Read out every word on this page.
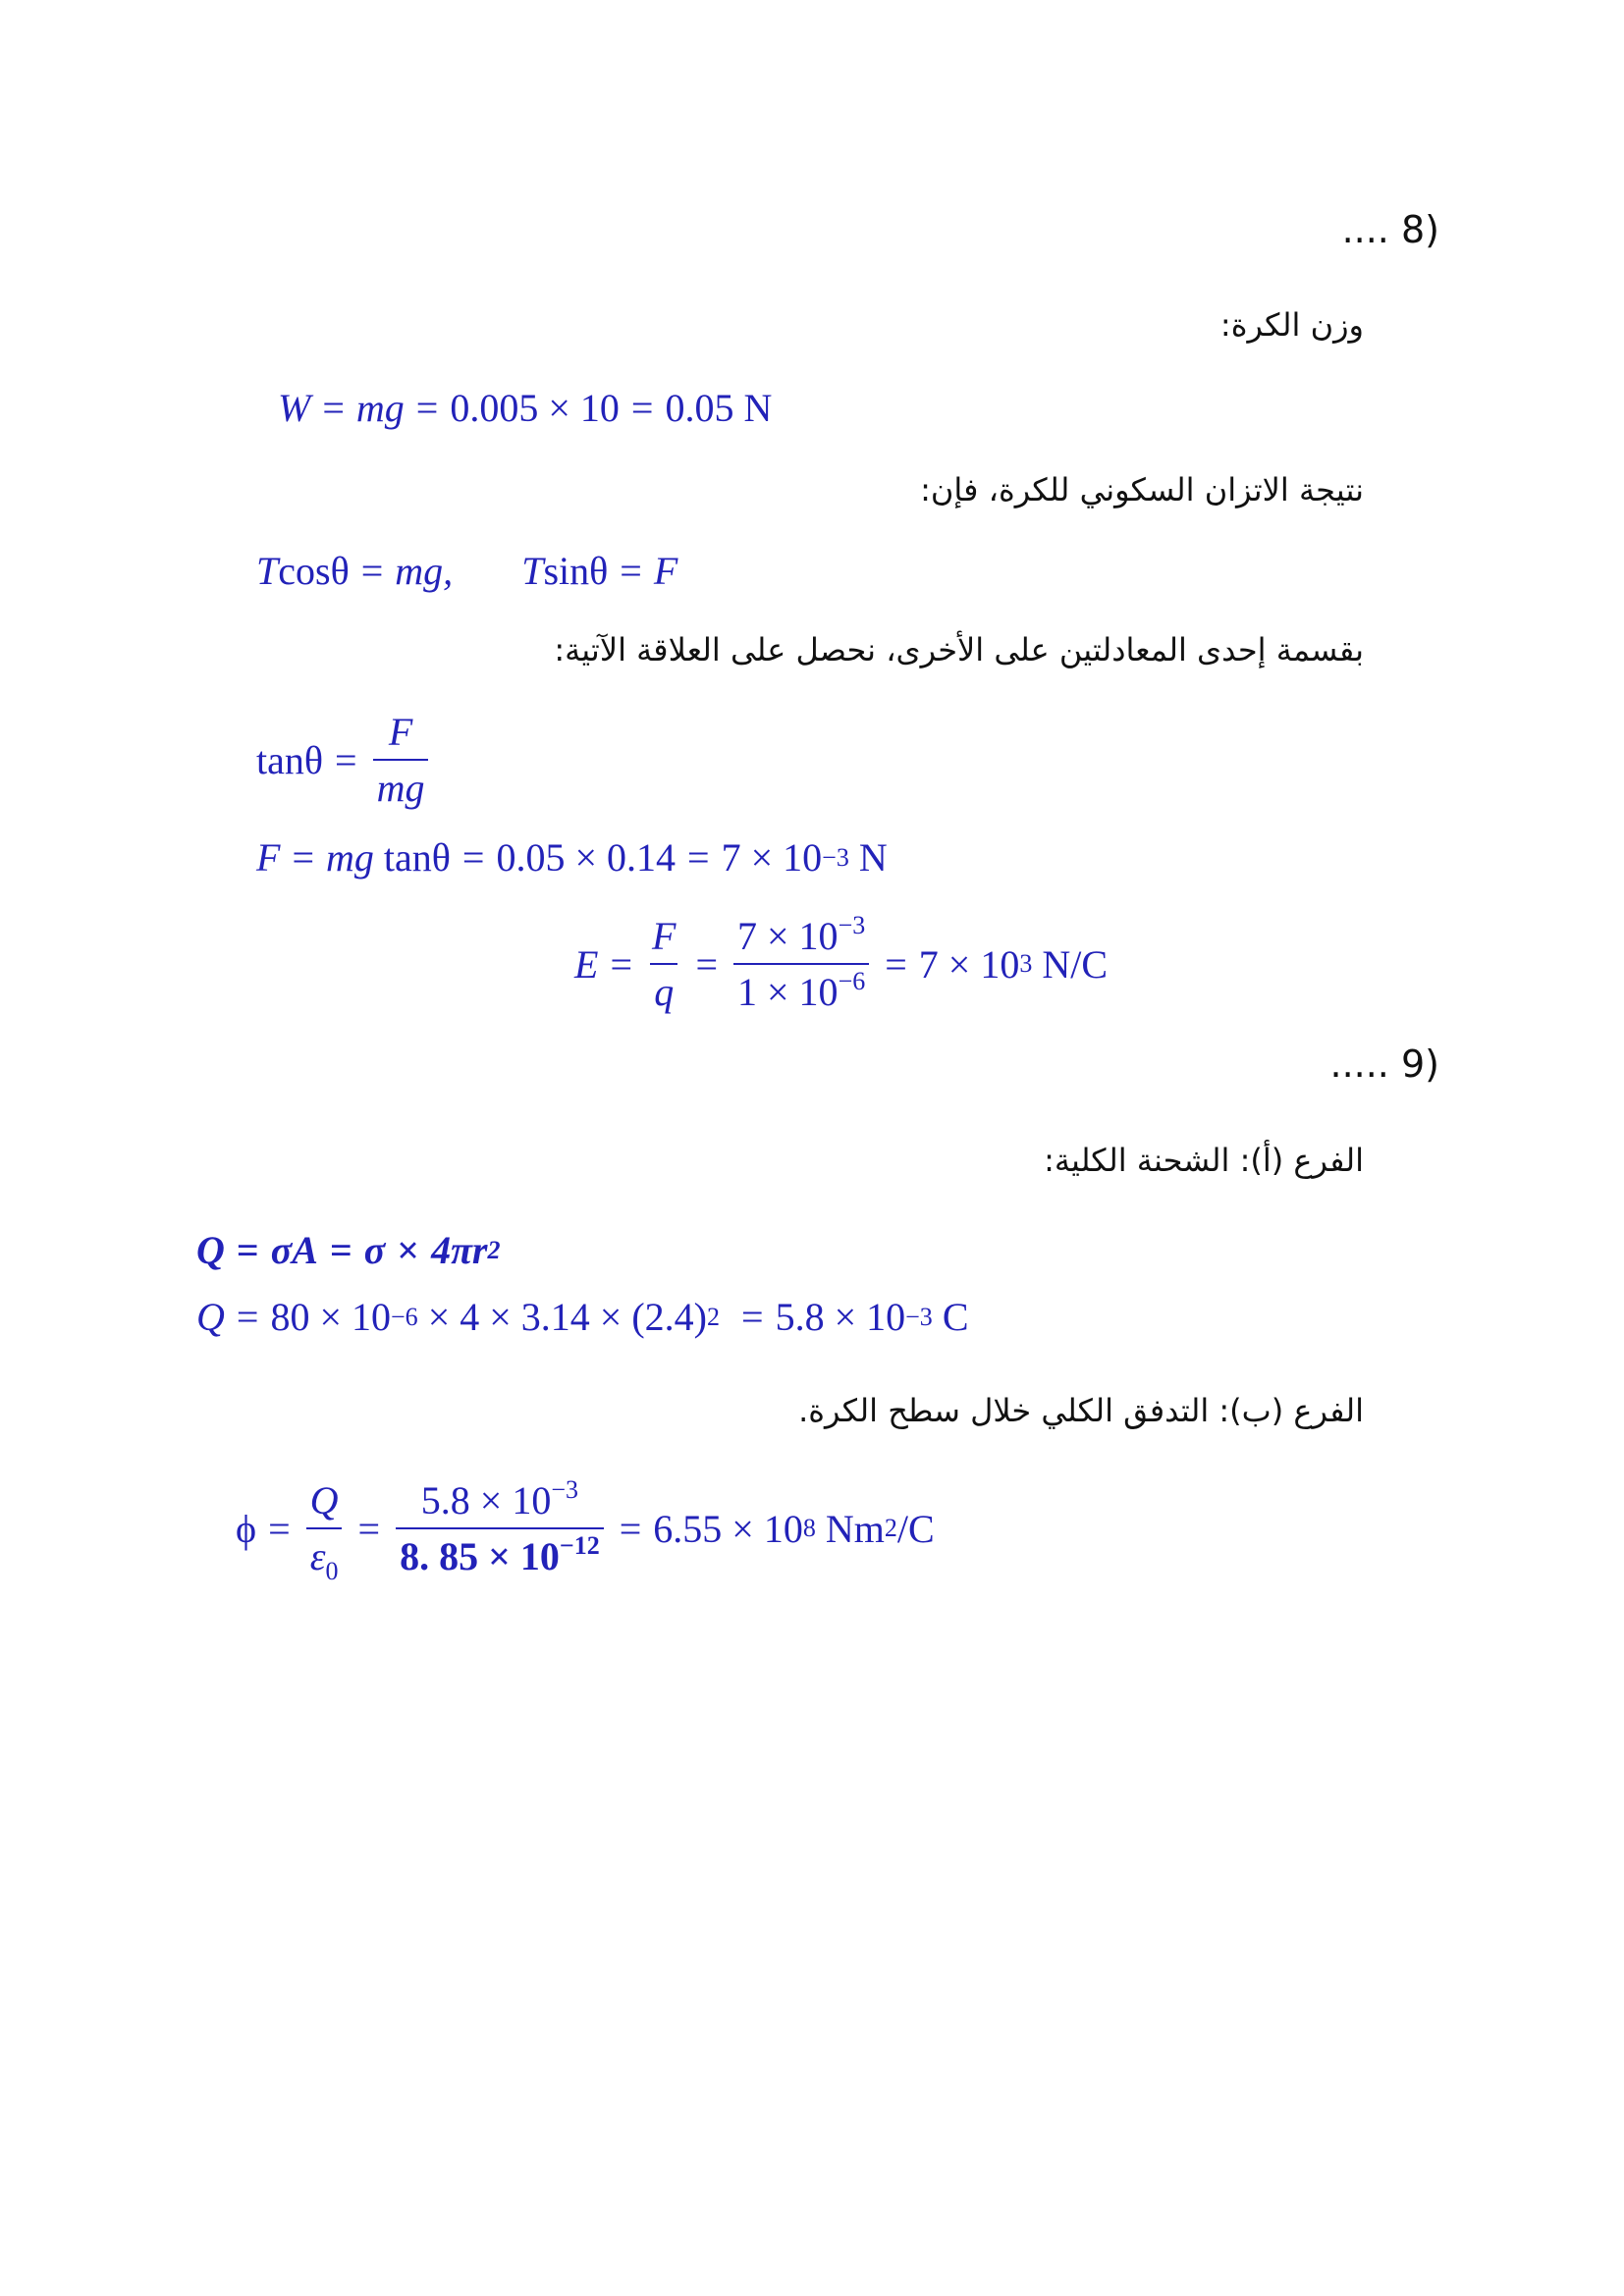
.... 8)
وزن الكرة:
W = mg = 0.005 × 10 = 0.05 N
نتيجة الاتزان السكوني للكرة، فإن:
T cosθ = mg, T sinθ = F
بقسمة إحدى المعادلتين على الأخرى، نحصل على العلاقة الآتية:
$\tan\theta = \frac{F}{mg}$
F = mg
tanθ = 0.05 × 0.14 = 7 × 10 −3
N
$E = \frac{F}{q} = \frac{7 \times 10^{-3}}{1 \times 10^{-6}} = 7 \times 10$ 3
N/C
..... 9)
الفرع (أ): الشحنة الكلية:
Q = σA = σ × 4πr 2
Q = 80 × 10 −6
× 4 × 3.14 × (2.4) 2 = 5.8 × 10 −3
C
الفرع (ب): التدفق الكلي خلال سطح الكرة.
$\phi = \frac{Q}{\varepsilon_0} = \frac{5.8 \times 10^{-3}}{8. 85 \times 10^{-12}} = 6.55 \times 10$ 8
Nm 2 /C
